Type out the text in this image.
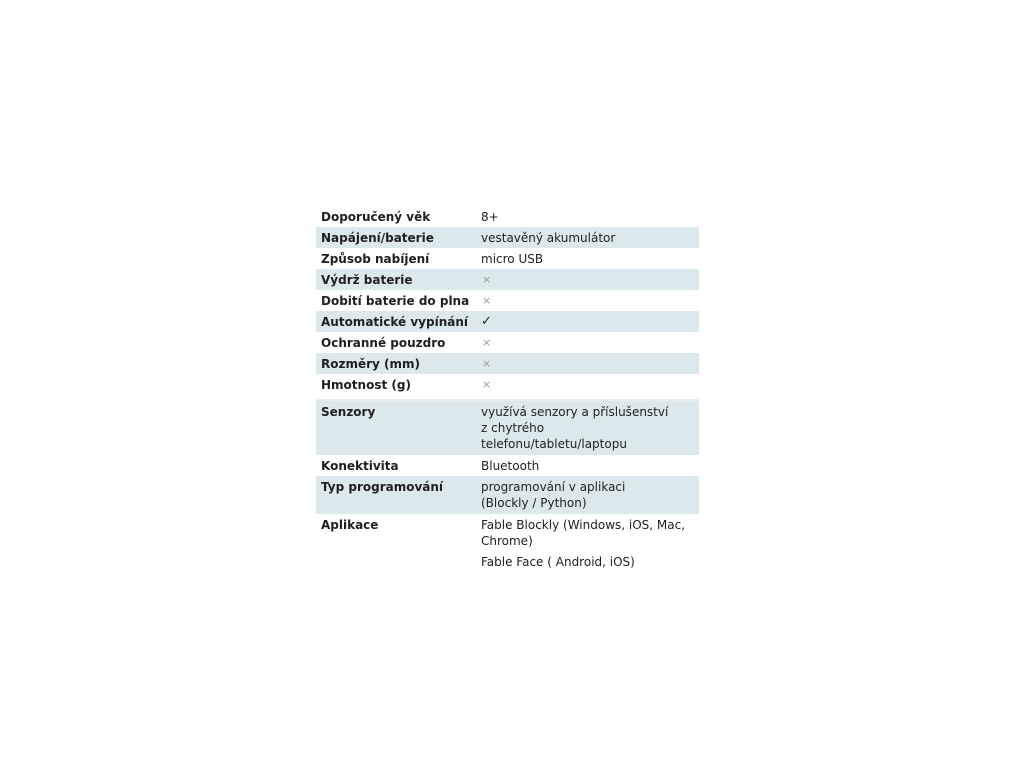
Doporučený věk	8+
Napájení/baterie	vestavěný akumulátor
Způsob nabíjení	micro USB
Výdrž baterie	×
Dobití baterie do plna	×
Automatické vypínání	✓
Ochranné pouzdro	×
Rozměry (mm)	×
Hmotnost (g)	×
Senzory	využívá senzory a příslušenství
z chytrého telefonu/tabletu/laptopu
Konektivita	Bluetooth
Typ programování	programování v aplikaci
(Blockly / Python)
Aplikace	Fable Blockly (Windows, iOS, Mac,
Chrome)
Fable Face ( Android, iOS)
